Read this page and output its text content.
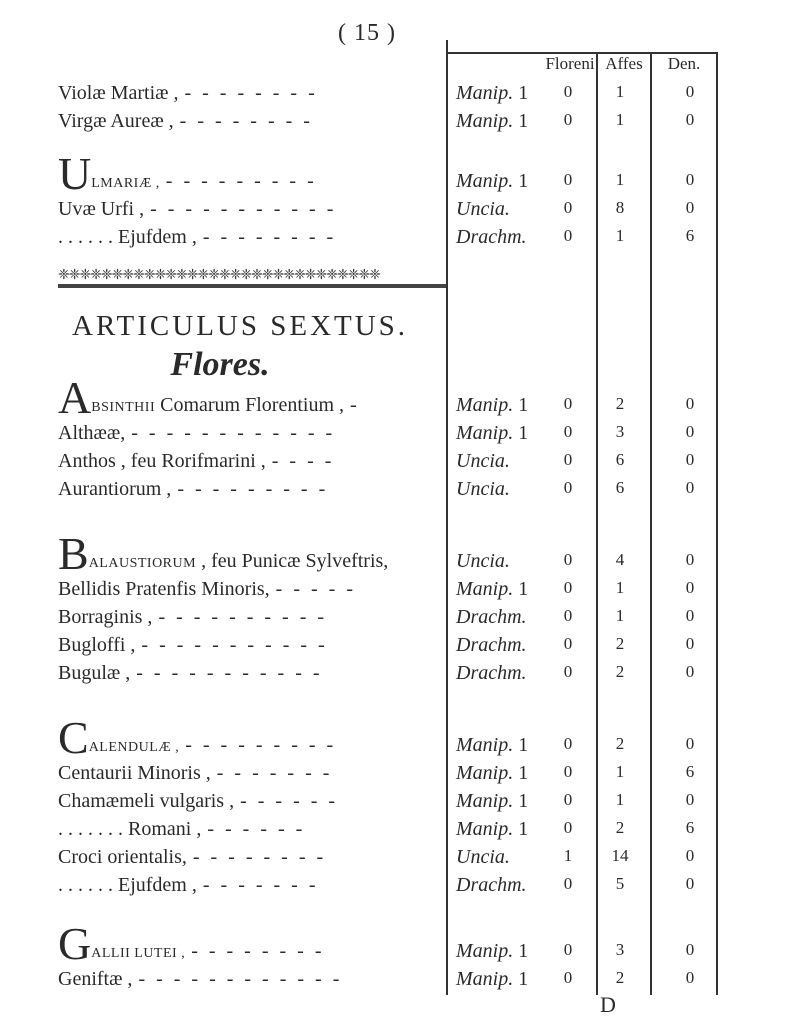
( 15 )
Floreni Affes	Den.
❈❈❈❈❈❈❈❈❈❈❈❈❈❈❈❈❈❈❈❈❈❈❈❈❈❈❈❈❈❈
ARTICULUS SEXTUS.
Flores.
Violæ Martiæ , - - - - - - - -	Manip. 1	0	1	0
Virgæ Aureæ , - - - - - - - -	Manip. 1	0	1	0
ULMARIÆ , - - - - - - - - -	Manip. 1	0	1	0
Uvæ Urfi , - - - - - - - - - - -	Uncia.	0	8	0
. . . . . . Ejufdem , - - - - - - - -	Drachm.	0	1	6
ABSINTHII Comarum Florentium , -	Manip. 1	0	2	0
Althææ, - - - - - - - - - - - -	Manip. 1	0	3	0
Anthos , feu Rorifmarini , - - - -	Uncia.	0	6	0
Aurantiorum , - - - - - - - - -	Uncia.	0	6	0
BALAUSTIORUM , feu Punicæ Sylveftris,	Uncia.	0	4	0
Bellidis Pratenfis Minoris, - - - - -	Manip. 1	0	1	0
Borraginis , - - - - - - - - - -	Drachm.	0	1	0
Bugloffi , - - - - - - - - - - -	Drachm.	0	2	0
Bugulæ , - - - - - - - - - - -	Drachm.	0	2	0
CALENDULÆ , - - - - - - - - -	Manip. 1	0	2	0
Centaurii Minoris , - - - - - - -	Manip. 1	0	1	6
Chamæmeli vulgaris , - - - - - -	Manip. 1	0	1	0
. . . . . . . Romani , - - - - - -	Manip. 1	0	2	6
Croci orientalis, - - - - - - - -	Uncia.	1	14	0
. . . . . . Ejufdem , - - - - - - -	Drachm.	0	5	0
GALLII LUTEI , - - - - - - - -	Manip. 1	0	3	0
Geniftæ , - - - - - - - - - - - -	Manip. 1	0	2	0
D
